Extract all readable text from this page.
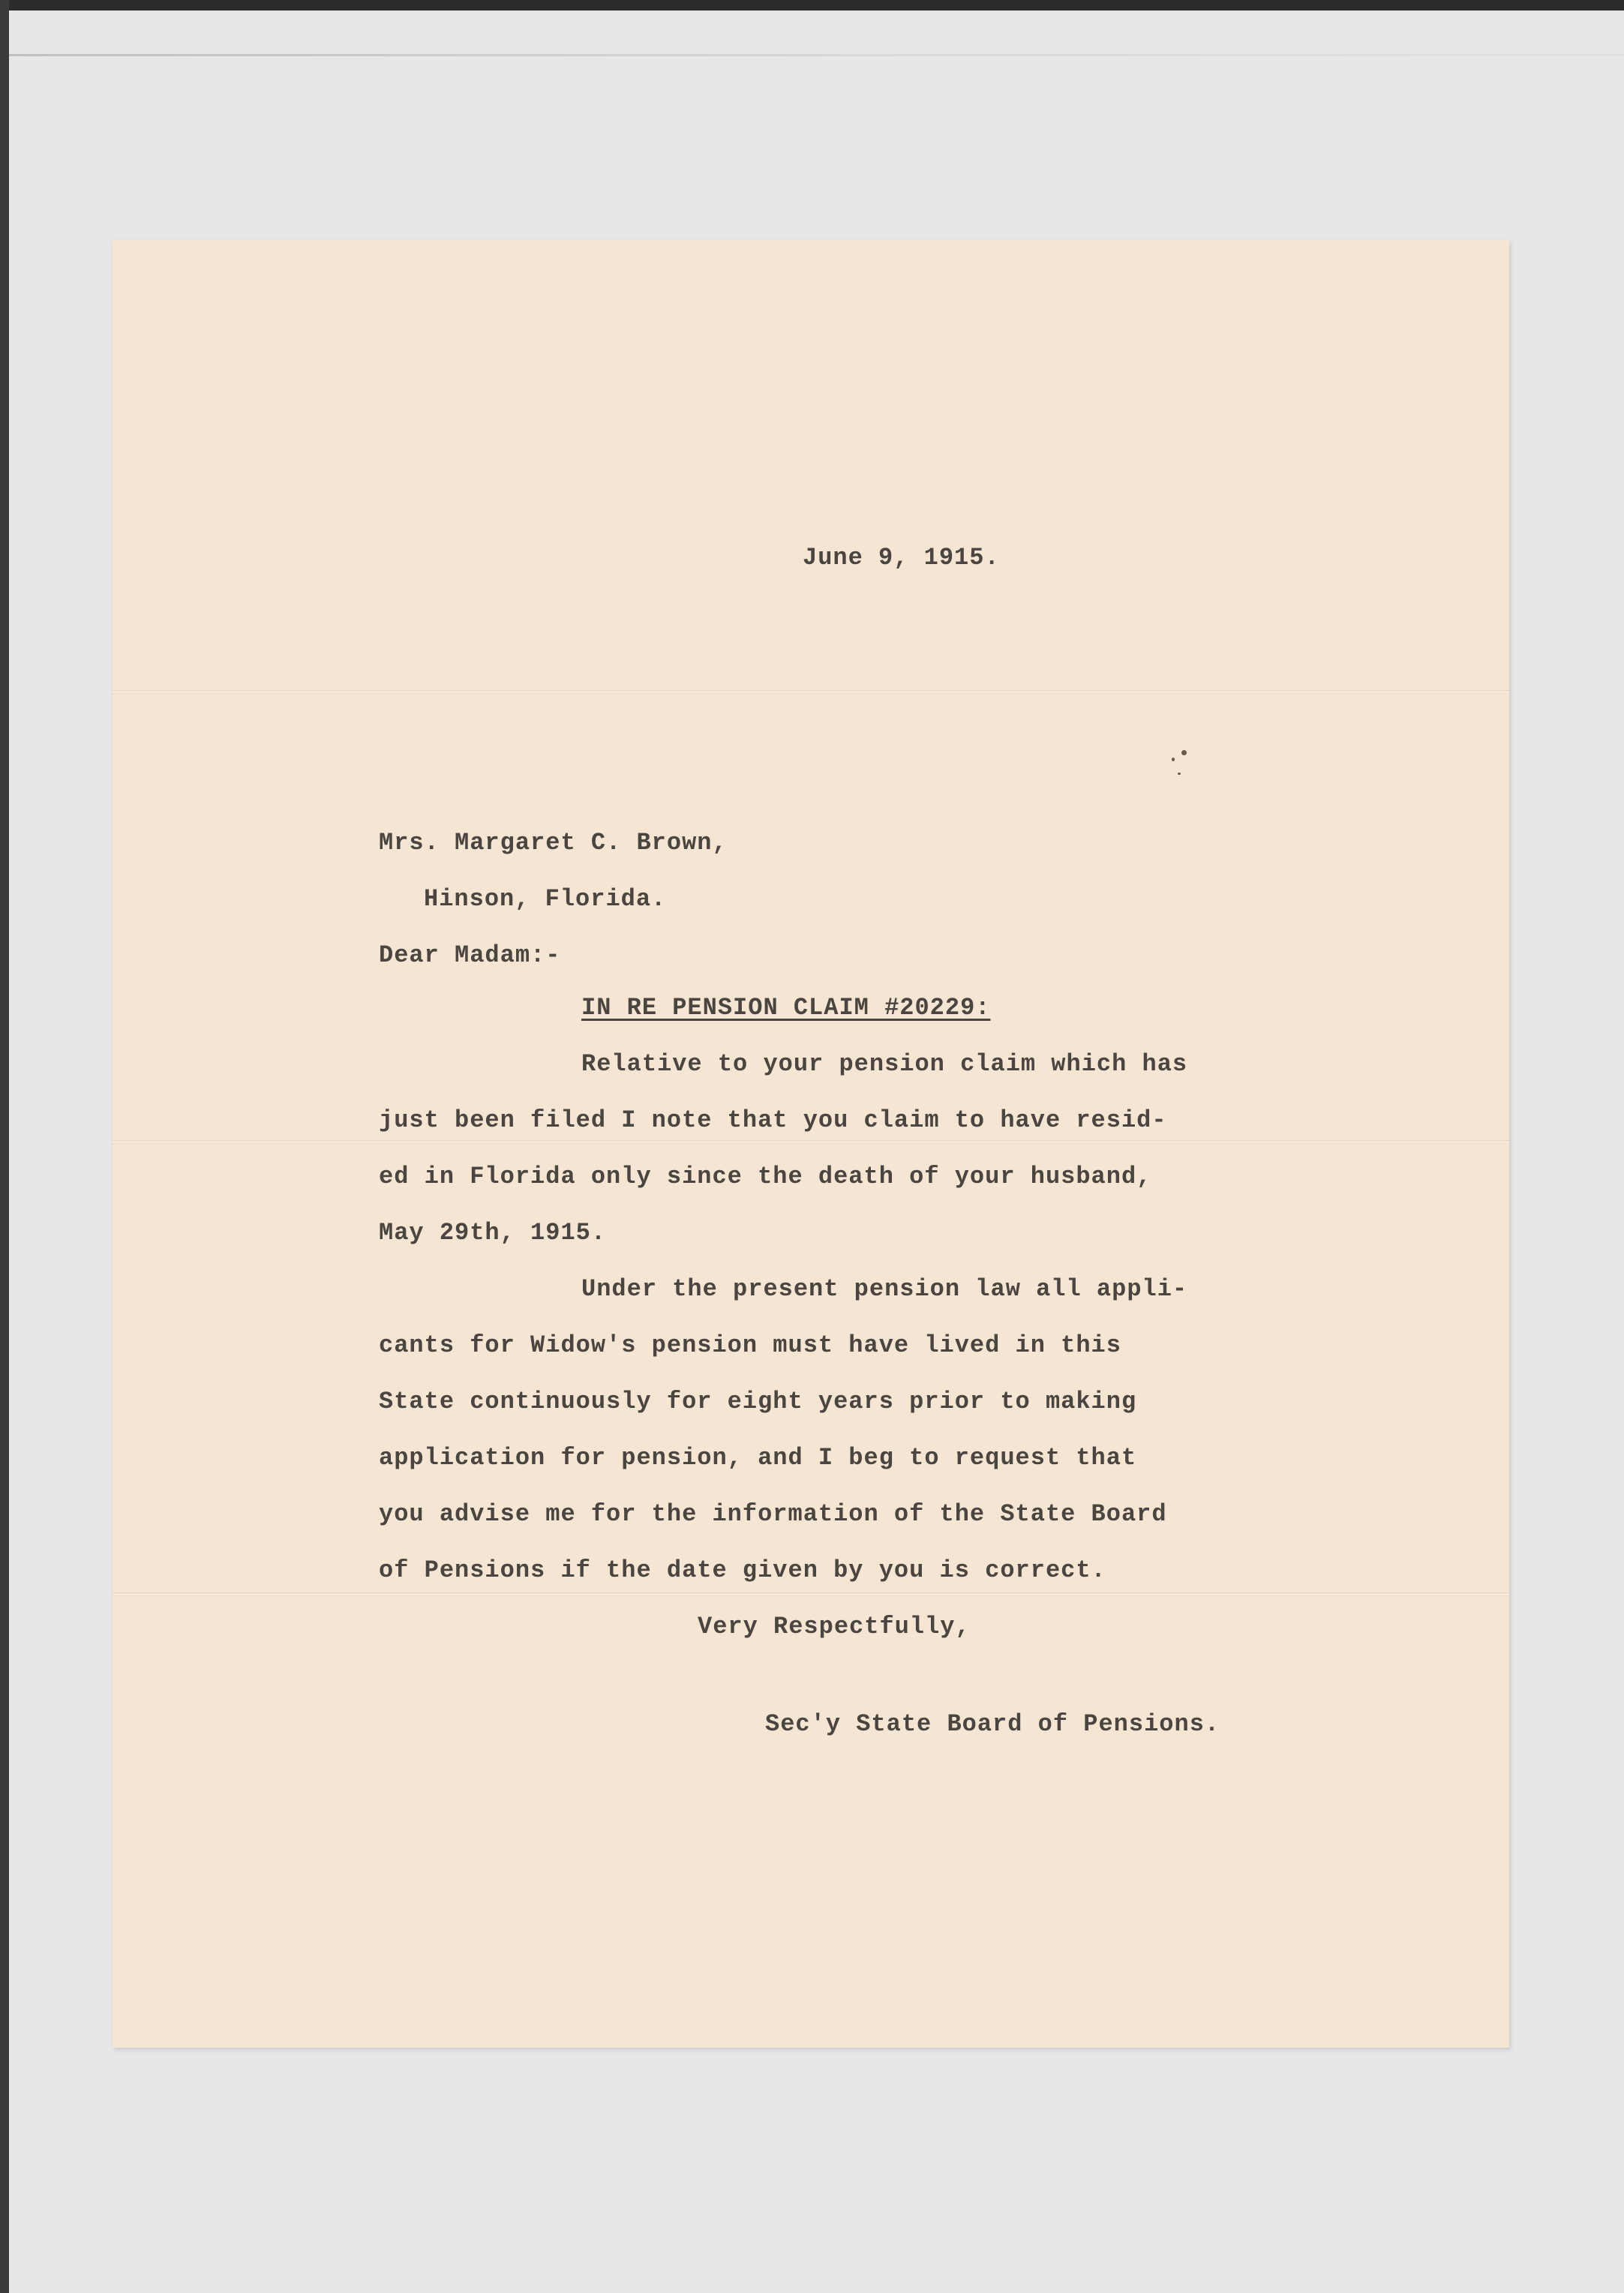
June 9, 1915.
Mrs. Margaret C. Brown,
Hinson, Florida.
Dear Madam:-
IN RE PENSION CLAIM #20229:
Relative to your pension claim which has
just been filed I note that you claim to have resid-
ed in Florida only since the death of your husband,
May 29th, 1915.
Under the present pension law all appli-
cants for Widow's pension must have lived in this
State continuously for eight years prior to making
application for pension, and I beg to request that
you advise me for the information of the State Board
of Pensions if the date given by you is correct.
Very Respectfully,
Sec'y State Board of Pensions.
